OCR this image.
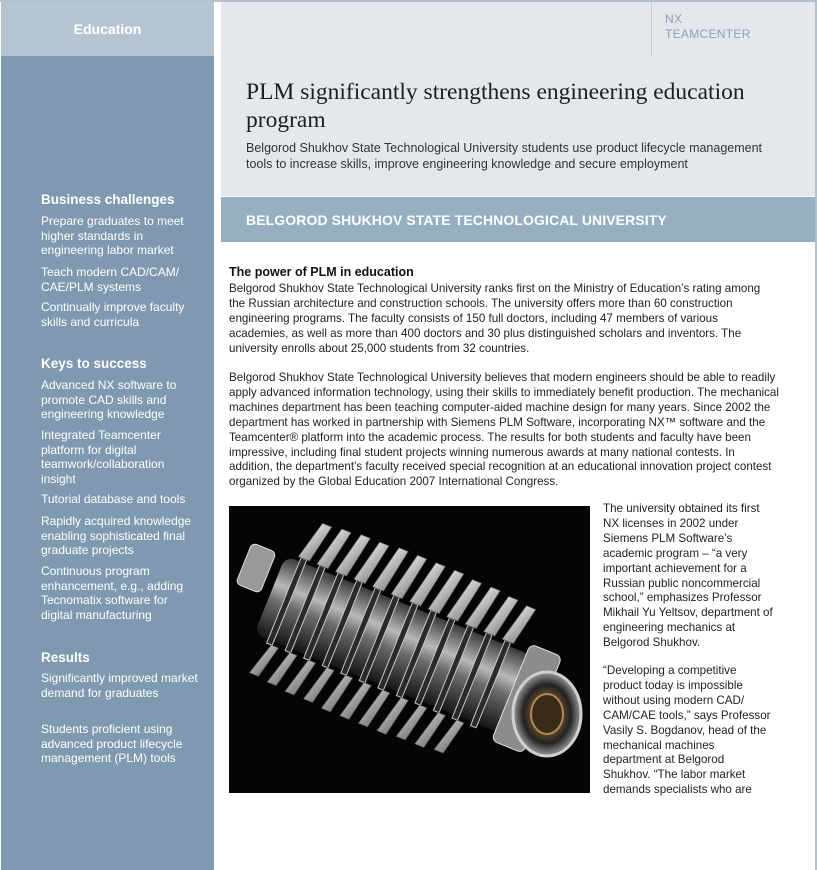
Education
Business challenges
Prepare graduates to meet higher standards in engineering labor market
Teach modern CAD/CAM/ CAE/PLM systems
Continually improve faculty skills and curricula
Keys to success
Advanced NX software to promote CAD skills and engineering knowledge
Integrated Teamcenter platform for digital teamwork/collaboration insight
Tutorial database and tools
Rapidly acquired knowledge enabling sophisticated final graduate projects
Continuous program enhancement, e.g., adding Tecnomatix software for digital manufacturing
Results
Significantly improved market demand for graduates
Students proficient using advanced product lifecycle management (PLM) tools
NX
TEAMCENTER
PLM significantly strengthens engineering education program
Belgorod Shukhov State Technological University students use product lifecycle management tools to increase skills, improve engineering knowledge and secure employment
BELGOROD SHUKHOV STATE TECHNOLOGICAL UNIVERSITY
The power of PLM in education
Belgorod Shukhov State Technological University ranks first on the Ministry of Education’s rating among the Russian architecture and construction schools. The university offers more than 60 construction engineering programs. The faculty consists of 150 full doctors, including 47 members of various academies, as well as more than 400 doctors and 30 plus distinguished scholars and inventors. The university enrolls about 25,000 students from 32 countries.
Belgorod Shukhov State Technological University believes that modern engineers should be able to readily apply advanced information technology, using their skills to immediately benefit production. The mechanical machines department has been teaching computer-aided machine design for many years. Since 2002 the department has worked in partnership with Siemens PLM Software, incorporating NX™ software and the Teamcenter® platform into the academic process. The results for both students and faculty have been impressive, including final student projects winning numerous awards at many national contests. In addition, the department’s faculty received special recognition at an educational innovation project contest organized by the Global Education 2007 International Congress.
The university obtained its first NX licenses in 2002 under Siemens PLM Software’s academic program – “a very important achievement for a Russian public noncommercial school,” emphasizes Professor Mikhail Yu Yeltsov, department of engineering mechanics at Belgorod Shukhov.
“Developing a competitive product today is impossible without using modern CAD/ CAM/CAE tools,” says Professor Vasily S. Bogdanov, head of the mechanical machines department at Belgorod Shukhov. “The labor market demands specialists who are
